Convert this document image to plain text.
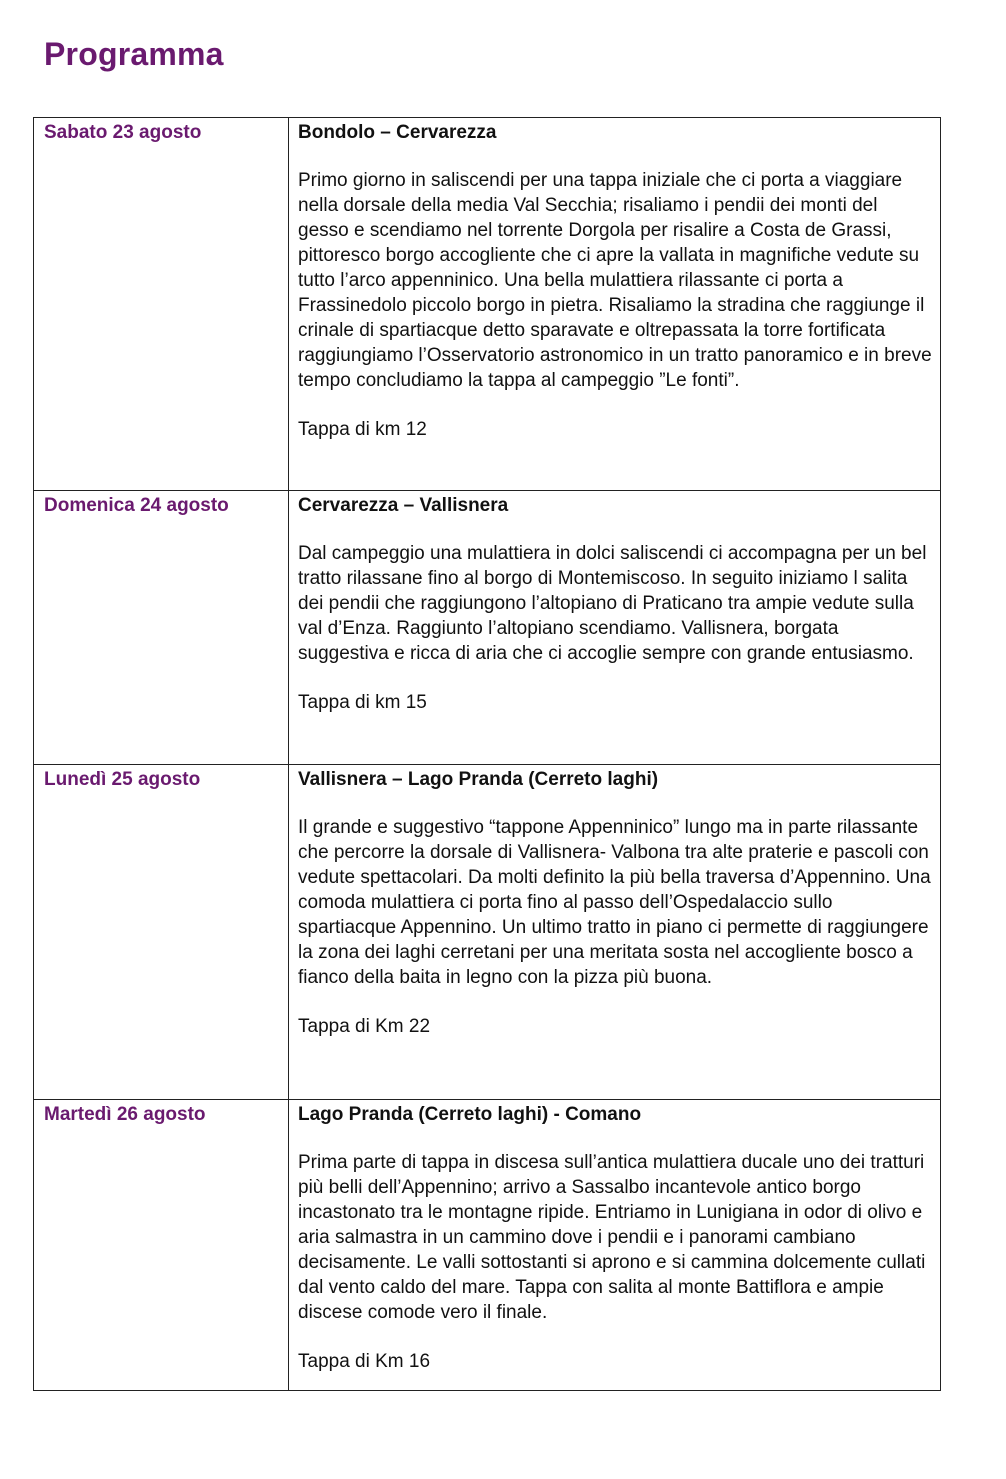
Programma
Sabato 23 agosto	Bondolo – Cervarezza

Primo giorno in saliscendi per una tappa iniziale che ci porta a viaggiare nella dorsale della media Val Secchia; risaliamo i pendii dei monti del gesso e scendiamo nel torrente Dorgola per risalire a Costa de Grassi, pittoresco borgo accogliente che ci apre la vallata in magnifiche vedute su tutto l’arco appenninico. Una bella mulattiera rilassante ci porta a Frassinedolo piccolo borgo in pietra. Risaliamo la stradina che raggiunge il crinale di spartiacque detto sparavate e oltrepassata la torre fortificata raggiungiamo l’Osservatorio astronomico in un tratto panoramico e in breve tempo concludiamo la tappa al campeggio ”Le fonti”.

Tappa di km 12

Domenica 24 agosto	Cervarezza – Vallisnera

Dal campeggio una mulattiera in dolci saliscendi ci accompagna per un bel tratto rilassane fino al borgo di Montemiscoso. In seguito iniziamo l salita dei pendii che raggiungono l’altopiano di Praticano tra ampie vedute sulla val d’Enza. Raggiunto l’altopiano scendiamo. Vallisnera, borgata suggestiva e ricca di aria che ci accoglie sempre con grande entusiasmo.

Tappa di km 15

Lunedì 25 agosto	Vallisnera – Lago Pranda (Cerreto laghi)

Il grande e suggestivo “tappone Appenninico” lungo ma in parte rilassante che percorre la dorsale di Vallisnera- Valbona tra alte praterie e pascoli con vedute spettacolari. Da molti definito la più bella traversa d’Appennino. Una comoda mulattiera ci porta fino al passo dell’Ospedalaccio sullo spartiacque Appennino. Un ultimo tratto in piano ci permette di raggiungere la zona dei laghi cerretani per una meritata sosta nel accogliente bosco a fianco della baita in legno con la pizza più buona.

Tappa di Km 22

Martedì 26 agosto	Lago Pranda (Cerreto laghi) - Comano

Prima parte di tappa in discesa sull’antica mulattiera ducale uno dei tratturi più belli dell’Appennino; arrivo a Sassalbo incantevole antico borgo incastonato tra le montagne ripide. Entriamo in Lunigiana in odor di olivo e aria salmastra in un cammino dove i pendii e i panorami cambiano decisamente. Le valli sottostanti si aprono e si cammina dolcemente cullati dal vento caldo del mare. Tappa con salita al monte Battiflora e ampie discese comode vero il finale.

Tappa di Km 16
